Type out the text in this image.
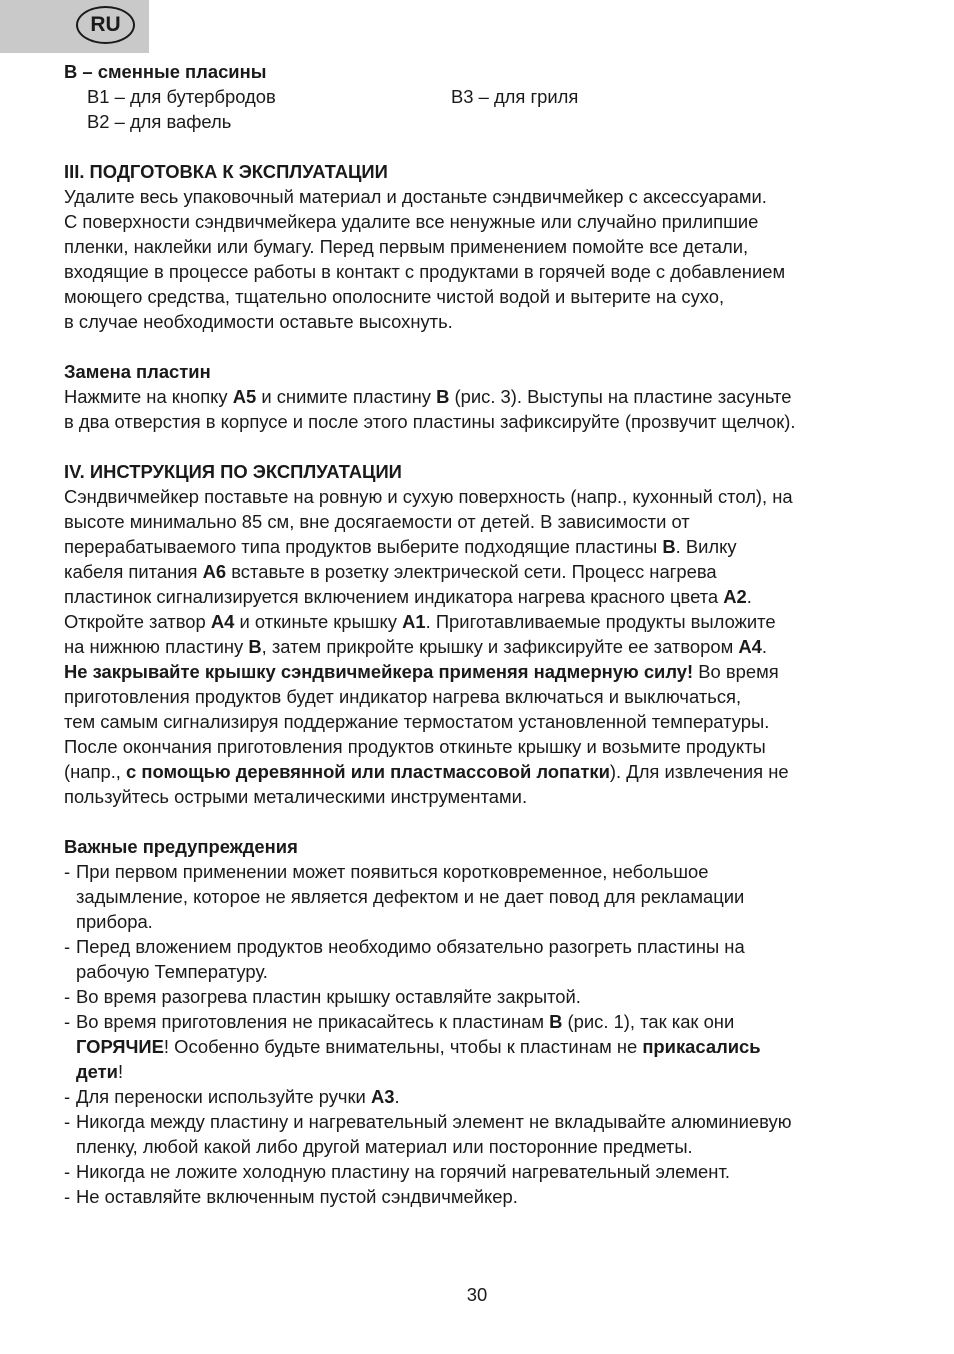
RU
B – сменные пласины
B1 – для бутербродов	B3 – для гриля
B2 – для вафель
III. ПОДГОТОВКА К ЭКСПЛУАТАЦИИ
Удалите весь упаковочный материал и достаньте сэндвичмейкер с аксессуарами.
С поверхности сэндвичмейкера удалите все ненужные или случайно прилипшие
пленки, наклейки или бумагу. Перед первым применением помойте все детали,
входящие в процессе работы в контакт с продуктами в горячей воде с добавлением
моющего средства, тщательно ополосните чистой водой и вытерите на сухо,
в случае необходимости оставьте высохнуть.
Замена пластин
Нажмите на кнопку A5 и снимите пластину B (рис. 3). Выступы на пластине засуньте
в два отверстия в корпусе и после этого пластины зафиксируйте (прозвучит щелчок).
IV. ИНСТРУКЦИЯ ПО ЭКСПЛУАТАЦИИ
Сэндвичмейкер поставьте на ровную и сухую поверхность (напр., кухонный стол), на
высоте минимально 85 см, вне досягаемости от детей. В зависимости от
перерабатываемого типа продуктов выберите подходящие пластины B. Вилку
кабеля питания A6 вставьте в розетку электрической сети. Процесс нагрева
пластинок сигнализируется включением индикатора нагрева красного цвета A2.
Откройте затвор A4 и откиньте крышку A1. Приготавливаемые продукты выложите
на нижнюю пластину B, затем прикройте крышку и зафиксируйте ее затвором A4.
Не закрывайте крышку сэндвичмейкера применяя надмерную силу! Во время
приготовления продуктов будет индикатор нагрева включаться и выключаться,
тем самым сигнализируя поддержание термостатом установленной температуры.
После окончания приготовления продуктов откиньте крышку и возьмите продукты
(напр., с помощью деревянной или пластмассовой лопатки). Для извлечения не
пользуйтесь острыми металическими инструментами.
Важные предупреждения
- При первом применении может появиться коротковременное, небольшое
задымление, которое не является дефектом и не дает повод для рекламации
прибора.
- Перед вложением продуктов необходимо обязательно разогреть пластины на
рабочую Температуру.
- Во время разогрева пластин крышку оставляйте закрытой.
- Во время приготовления не прикасайтесь к пластинам B (рис. 1), так как они
ГОРЯЧИЕ! Особенно будьте внимательны, чтобы к пластинам не прикасались
дети!
- Для переноски используйте ручки A3.
- Никогда между пластину и нагревательный элемент не вкладывайте алюминиевую
пленку, любой какой либо другой материал или посторонние предметы.
- Никогда не ложите холодную пластину на горячий нагревательный элемент.
- Не оставляйте включенным пустой сэндвичмейкер.
30
